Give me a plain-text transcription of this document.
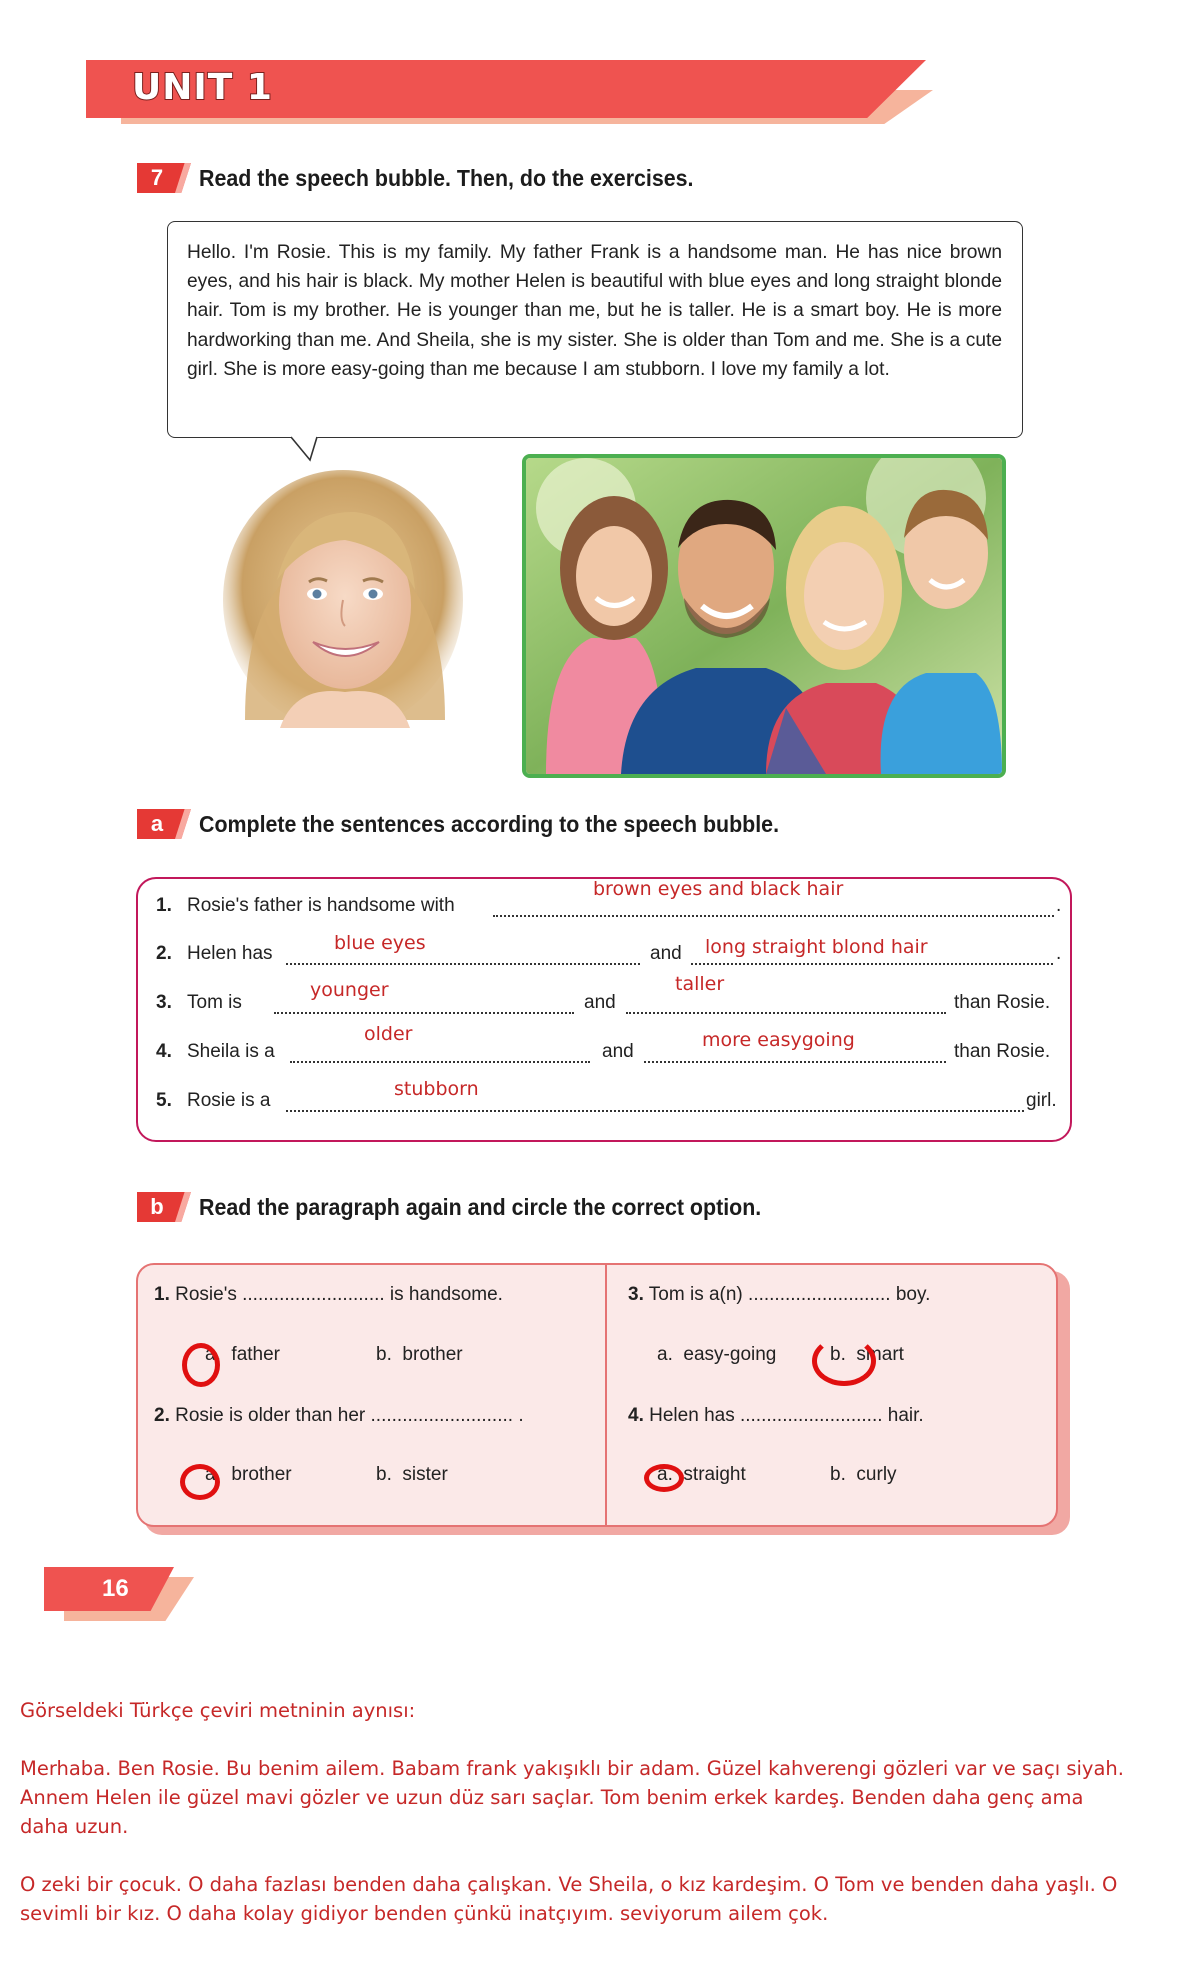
UNIT 1
7	Read the speech bubble. Then, do the exercises.

Hello. I'm Rosie. This is my family. My father Frank is a handsome man. He has nice brown eyes, and his hair is black. My mother Helen is beautiful with blue eyes and long straight blonde hair. Tom is my brother. He is younger than me, but he is taller. He is a smart boy. He is more hardworking than me. And Sheila, she is my sister. She is older than Tom and me. She is a cute girl. She is more easy-going than me because I am stubborn. I love my family a lot.

a	Complete the sentences according to the speech bubble.
1. Rosie's father is handsome with	.
brown eyes and black hair
2. Helen has	and	.
blue eyes	long straight blond hair
3. Tom is	and	than Rosie.
younger	taller
4. Sheila is a	and	than Rosie.
older	more easygoing
5. Rosie is a	girl.
stubborn
b	Read the paragraph again and circle the correct option.
1. Rosie's ........................... is handsome.
a. father	b. brother
2. Rosie is older than her ........................... .
a. brother	b. sister
3. Tom is a(n) ........................... boy.
a. easy-going	b. smart
4. Helen has ........................... hair.
a. straight	b. curly
16

Görseldeki Türkçe çeviri metninin aynısı:

Merhaba. Ben Rosie. Bu benim ailem. Babam frank yakışıklı bir adam. Güzel kahverengi gözleri var ve saçı siyah. Annem Helen ile güzel mavi gözler ve uzun düz sarı saçlar. Tom benim erkek kardeş. Benden daha genç ama daha uzun.

O zeki bir çocuk. O daha fazlası benden daha çalışkan. Ve Sheila, o kız kardeşim. O Tom ve benden daha yaşlı. O sevimli bir kız. O daha kolay gidiyor benden çünkü inatçıyım. seviyorum ailem çok.
